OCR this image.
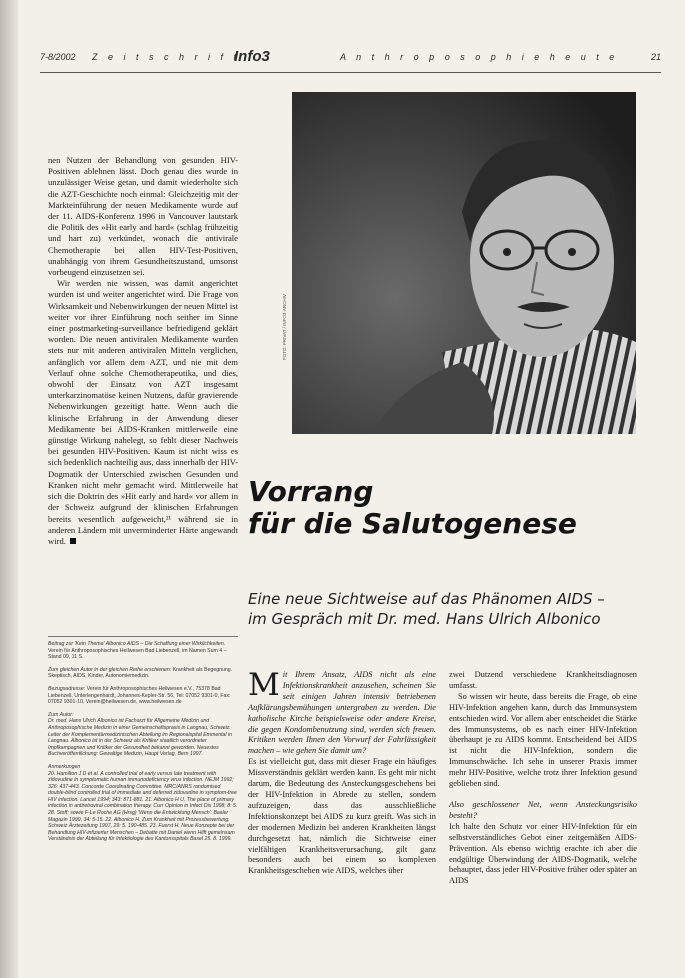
7-8/2002 Z e i t s c h r i f t
Info3	A n t h r o p o s o p h i e h e u t e	21

nen Nutzen der Behandlung von gesunden HIV-Positiven ablehnen lässt. Doch genau dies wurde in unzulässiger Weise getan, und damit wiederholte sich die AZT-Geschichte noch einmal: Gleichzeitig mit der Markteinführung der neuen Medikamente wurde auf der 11. AIDS-Konferenz 1996 in Vancouver lautstark die Politik des »Hit early and hard« (schlag frühzeitig und hart zu) verkündet, wonach die antivirale Chemotherapie bei allen HIV-Test-Positiven, unabhängig von ihrem Gesundheitszustand, umsonst vorbeugend einzusetzen sei.

Wir werden nie wissen, was damit angerichtet wurden ist und weiter angerichtet wird. Die Frage von Wirksamkeit und Nebenwirkungen der neuen Mittel ist weiter vor ihrer Einführung noch seither im Sinne einer postmarketing-surveillance befriedigend geklärt worden. Die neuen antiviralen Medikamente wurden stets nur mit anderen antiviralen Mitteln verglichen, anfänglich vor allem dem AZT, und nie mit dem Verlauf ohne solche Chemotherapeutika, und dies, obwohl der Einsatz von AZT insgesamt unterkarzinomatöse keinen Nutzens, dafür gravierende Nebenwirkungen gezeitigt hatte. Wenn auch die klinische Erfahrung in der Anwendung dieser Medikamente bei AIDS-Kranken mittlerweile eine günstige Wirkung nahelegt, so fehlt dieser Nachweis bei gesunden HIV-Positiven. Kaum ist nicht wiss es sich bedenklich nachteilig aus, dass innerhalb der HIV-Dogmatik der Unterschied zwischen Gesunden und Kranken nicht mehr gemacht wird. Mittlerweile hat sich die Doktrin des »Hit early and hard« vor allem in der Schweiz aufgrund der klinischen Erfahrungen bereits wesentlich aufgeweicht,²¹ während sie in anderen Ländern mit unverminderter Härte angewandt wird.

FOTO: PRIVAT / INFO3-ARCHIV
Vorrang
für die Salutogenese
Eine neue Sichtweise auf das Phänomen AIDS –
im Gespräch mit Dr. med. Hans Ulrich Albonico
Beitrag zur 'Kein Thema' Albonico AIDS – Die Schaffung einer Wirklichkeiten. Verein für Anthroposophisches Heilwesen Bad Liebenzell, im Namen Sum 4 – Stand 09, 11 S.
Zum gleichen Autor in der gleichen Reihe erschienen: Krankheit als Begegnung. Skeptisch, AIDS, Kinder, Autonomiemedizin.
Bezugsadresse: Verein für Anthroposophisches Heilwesen e.V., 75378 Bad Liebenzell, Unterlengenhardt, Johannes-Kepler-Str. 56, Tel: 07052 9301-0, Fax: 07052 9301-10, Verein@heilwesen.de, www.heilwesen.de
Zum Autor:
Dr. med. Hans Ulrich Albonico ist Facharzt für Allgemeine Medizin und Anthroposophische Medizin in einer Gemeinschaftspraxis in Langnau, Schweiz. Leiter der Komplementärmedizinischen Abteilung im Regionalspital Emmental in Langnau. Albonico ist in der Schweiz als Kritiker staatlich verordneter Impfkampagnen und Kritiker der Gesundheit bekannt geworden. Neuestes Buchveröffentlichung: Gewaltige Medizin, Haupt Verlag, Bern 1997.
Anmerkungen
20. Hamilton J D et al. A controlled trial of early versus late treatment with zidovudine in symptomatic human immunodeficiency virus infection. NEJM 1992; 326: 437-443. Concorde Coordinating Committee. MRC/ANRS randomised double-blind controlled trial of immediate and deferred zidovudine in symptom-free HIV infection. Lancet 1994; 343: 871-881. 21. Albonico H U. The place of primary infection in antiretroviral combination therapy. Curr Opinion in Infect Dis 1998; 8: 5. 28. Stoff: sowie F-Le Roche AG (Hrsg) 'Wenn die Entwicklung Mensch': Basler Magazin 1999, 34: 5-15. 22. Albonico H. Zum Krankheit mit Prozessbewertung. Schweiz Ärztezeitung 1997, 29: 5. 190-485. 23. Fuerst H. Neue Konzepte bei der Behandlung HIV-infizierter Menschen – Debatte mit Daniel wenn Hilft gemeinsam Verständnis der Abteilung für Infektiologie des Kantonsspitals Basel 25. 8. 1999.

Mit Ihrem Ansatz, AIDS nicht als eine Infektionskrankheit anzusehen, scheinen Sie seit einigen Jahren intensiv betriebenen Aufklärungsbemühungen untergraben zu werden. Die katholische Kirche beispielsweise oder andere Kreise, die gegen Kondombenutzung sind, werden sich freuen. Kritiken werden Ihnen den Vorwurf der Fahrlässigkeit machen – wie gehen Sie damit um?

Es ist vielleicht gut, dass mit dieser Frage ein häufiges Missverständnis geklärt werden kann. Es geht mir nicht darum, die Bedeutung des Ansteckungsgeschehens bei der HIV-Infektion in Abrede zu stellen, sondern aufzuzeigen, dass das ausschließliche Infektionskonzept bei AIDS zu kurz greift. Was sich in der modernen Medizin bei anderen Krankheiten längst durchgesetzt hat, nämlich die Sichtweise einer vielfältigen Krankheitsverursachung, gilt ganz besonders auch bei einem so komplexen Krankheitsgeschehen wie AIDS, welches über

zwei Dutzend verschiedene Krankheitsdiagnosen umfasst.

So wissen wir heute, dass bereits die Frage, ob eine HIV-Infektion angehen kann, durch das Immunsystem entschieden wird. Vor allem aber entscheidet die Stärke des Immunsystems, ob es nach einer HIV-Infektion überhaupt je zu AIDS kommt. Entscheidend bei AIDS ist nicht die HIV-Infektion, sondern die Immunschwäche. Ich sehe in unserer Praxis immer mehr HIV-Positive, welche trotz ihrer Infektion gesund geblieben sind.

Also geschlossener Net, wenn Ansteckungsrisiko besteht?

Ich halte den Schutz vor einer HIV-Infektion für ein selbstverständliches Gebot einer zeitgemäßen AIDS-Prävention. Als ebenso wichtig erachte ich aber die endgültige Überwindung der AIDS-Dogmatik, welche behauptet, dass jeder HIV-Positive früher oder später an AIDS
